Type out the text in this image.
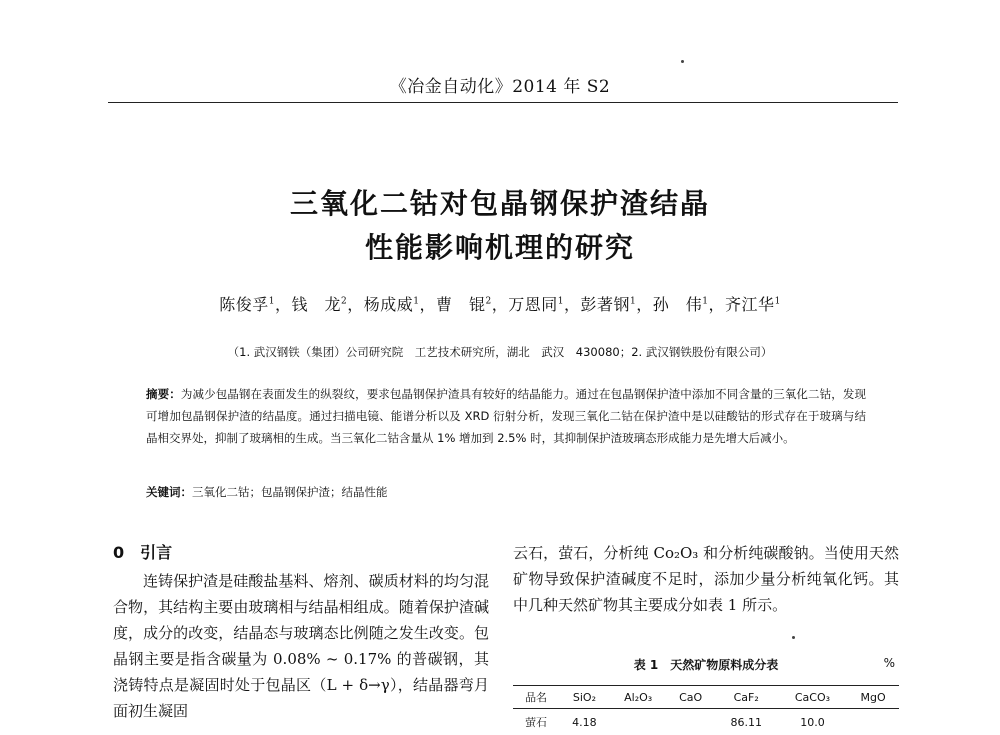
《冶金自动化》2014 年 S2
三氧化二钴对包晶钢保护渣结晶
性能影响机理的研究
陈俊孚$^1$，钱　龙$^2$，杨成威$^1$，曹　锟$^2$，万恩同$^1$，彭著钢$^1$，孙　伟$^1$，齐江华$^1$
（1. 武汉钢铁（集团）公司研究院　工艺技术研究所，湖北　武汉　430080；2. 武汉钢铁股份有限公司）
摘要：为减少包晶钢在表面发生的纵裂纹，要求包晶钢保护渣具有较好的结晶能力。通过在包晶钢保护渣中添加不同含量的三氧化二钴，发现可增加包晶钢保护渣的结晶度。通过扫描电镜、能谱分析以及 XRD 衍射分析，发现三氧化二钴在保护渣中是以硅酸钴的形式存在于玻璃与结晶相交界处，抑制了玻璃相的生成。当三氧化二钴含量从 1% 增加到 2.5% 时，其抑制保护渣玻璃态形成能力是先增大后减小。
关键词：三氧化二钴；包晶钢保护渣；结晶性能
0 引言

连铸保护渣是硅酸盐基料、熔剂、碳质材料的均匀混合物，其结构主要由玻璃相与结晶相组成。随着保护渣碱度，成分的改变，结晶态与玻璃态比例随之发生改变。包晶钢主要是指含碳量为 0.08% ~ 0.17% 的普碳钢，其浇铸特点是凝固时处于包晶区（L + δ→γ），结晶器弯月面初生凝固

云石，萤石，分析纯 Co₂O₃ 和分析纯碳酸钠。当使用天然矿物导致保护渣碱度不足时，添加少量分析纯氧化钙。其中几种天然矿物其主要成分如表 1 所示。

表 1　天然矿物原料成分表	%
品名	SiO₂	Al₂O₃	CaO	CaF₂	CaCO₃	MgO
萤石	4.18			86.11	10.0	
